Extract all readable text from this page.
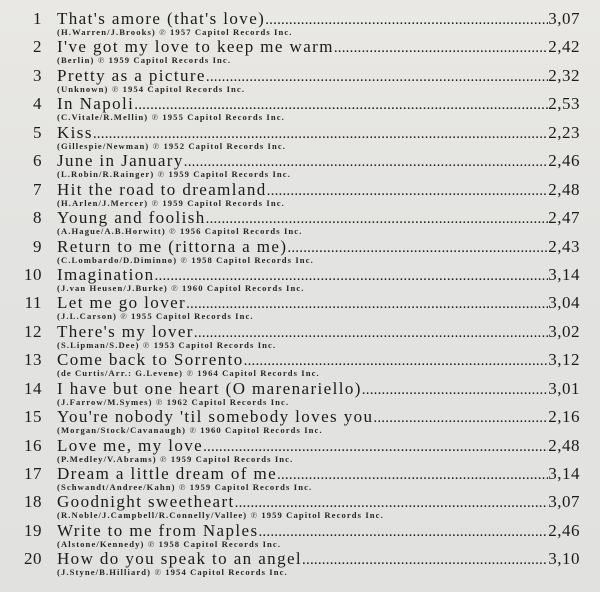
1 That's amore (that's love) .....	3,07
(H.Warren/J.Brooks) ℗ 1957 Capitol Records Inc.
2 I've got my love to keep me warm .....	2,42
(Berlin) ℗ 1959 Capitol Records Inc.
3 Pretty as a picture .....	2,32
(Unknown) ℗ 1954 Capitol Records Inc.
4 In Napoli .....	2,53
(C.Vitale/R.Mellin) ℗ 1955 Capitol Records Inc.
5 Kiss .....	2,23
(Gillespie/Newman) ℗ 1952 Capitol Records Inc.
6 June in January .....	2,46
(L.Robin/R.Rainger) ℗ 1959 Capitol Records Inc.
7 Hit the road to dreamland .....	2,48
(H.Arlen/J.Mercer) ℗ 1959 Capitol Records Inc.
8 Young and foolish .....	2,47
(A.Hague/A.B.Horwitt) ℗ 1956 Capitol Records Inc.
9 Return to me (rittorna a me) .....	2,43
(C.Lombardo/D.Diminno) ℗ 1958 Capitol Records Inc.
10 Imagination .....	3,14
(J.van Heusen/J.Burke) ℗ 1960 Capitol Records Inc.
11 Let me go lover .....	3,04
(J.L.Carson) ℗ 1955 Capitol Records Inc.
12 There's my lover .....	3,02
(S.Lipman/S.Dee) ℗ 1953 Capitol Records Inc.
13 Come back to Sorrento .....	3,12
(de Curtis/Arr.: G.Levene) ℗ 1964 Capitol Records Inc.
14 I have but one heart (O marenariello) .....	3,01
(J.Farrow/M.Symes) ℗ 1962 Capitol Records Inc.
15 You're nobody 'til somebody loves you .....	2,16
(Morgan/Stock/Cavanaugh) ℗ 1960 Capitol Records Inc.
16 Love me, my love .....	2,48
(P.Medley/V.Abrams) ℗ 1959 Capitol Records Inc.
17 Dream a little dream of me .....	3,14
(Schwandt/Andree/Kahn) ℗ 1959 Capitol Records Inc.
18 Goodnight sweetheart .....	3,07
(R.Noble/J.Campbell/R.Connelly/Vallee) ℗ 1959 Capitol Records Inc.
19 Write to me from Naples .....	2,46
(Alstone/Kennedy) ℗ 1958 Capitol Records Inc.
20 How do you speak to an angel .....	3,10
(J.Styne/B.Hilliard) ℗ 1954 Capitol Records Inc.
